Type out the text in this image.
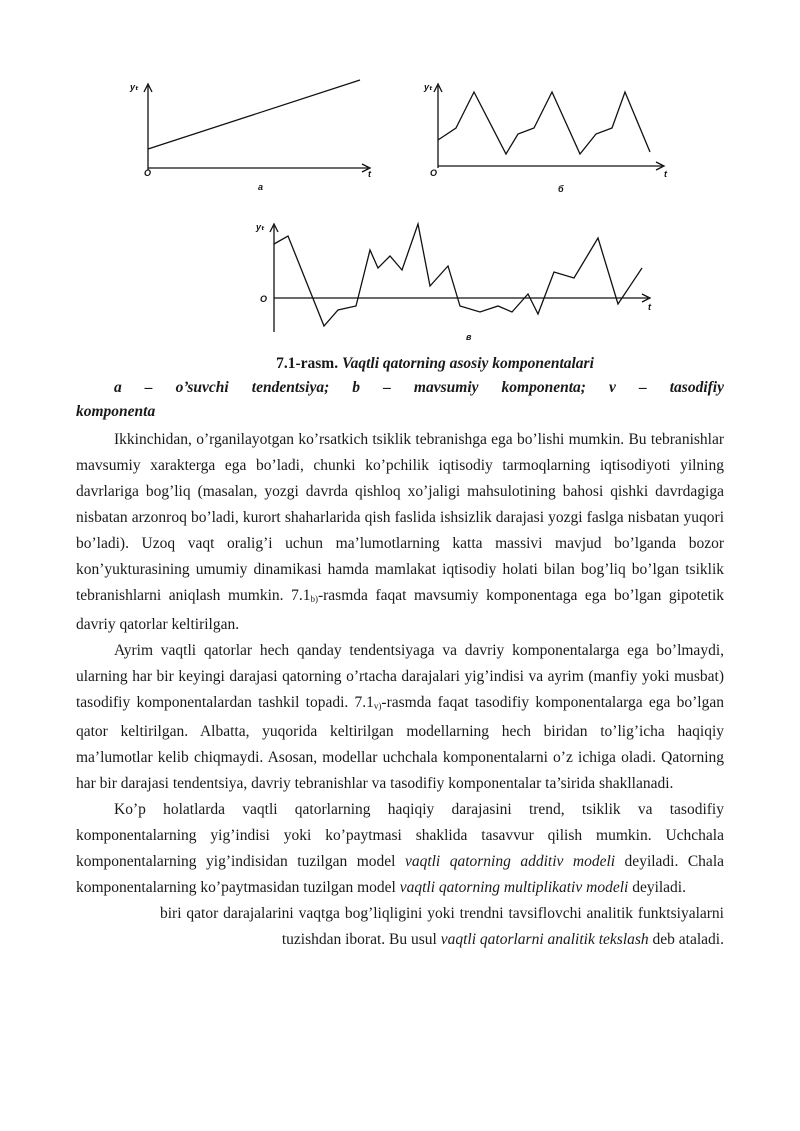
yₜ
O	t
a
yₜ
O	t
б
yₜ
O
t
в
7.1-rasm. Vaqtli qatorning asosiy komponentalari
a – o’suvchi tendentsiya; b – mavsumiy komponenta; v – tasodifiy
komponenta

Ikkinchidan, o’rganilayotgan ko’rsatkich tsiklik tebranishga ega bo’lishi mumkin. Bu tebranishlar mavsumiy xarakterga ega bo’ladi, chunki ko’pchilik iqtisodiy tarmoqlarning iqtisodiyoti yilning davrlariga bog’liq (masalan, yozgi davrda qishloq xo’jaligi mahsulotining bahosi qishki davrdagiga nisbatan arzonroq bo’ladi, kurort shaharlarida qish faslida ishsizlik darajasi yozgi faslga nisbatan yuqori bo’ladi). Uzoq vaqt oralig’i uchun ma’lumotlarning katta massivi mavjud bo’lganda bozor kon’yukturasining umumiy dinamikasi hamda mamlakat iqtisodiy holati bilan bog’liq bo’lgan tsiklik tebranishlarni aniqlash mumkin. $7.1_{b)}$-rasmda faqat mavsumiy komponentaga ega bo’lgan gipotetik davriy qatorlar keltirilgan.

Ayrim vaqtli qatorlar hech qanday tendentsiyaga va davriy komponentalarga ega bo’lmaydi, ularning har bir keyingi darajasi qatorning o’rtacha darajalari yig’indisi va ayrim (manfiy yoki musbat) tasodifiy komponentalardan tashkil topadi. $7.1_{v)}$-rasmda faqat tasodifiy komponentalarga ega bo’lgan qator keltirilgan. Albatta, yuqorida keltirilgan modellarning hech biridan to’lig’icha haqiqiy ma’lumotlar kelib chiqmaydi. Asosan, modellar uchchala komponentalarni o’z ichiga oladi. Qatorning har bir darajasi tendentsiya, davriy tebranishlar va tasodifiy komponentalar ta’sirida shakllanadi.

Ko’p holatlarda vaqtli qatorlarning haqiqiy darajasini trend, tsiklik va tasodifiy komponentalarning yig’indisi yoki ko’paytmasi shaklida tasavvur qilish mumkin. Uchchala komponentalarning yig’indisidan tuzilgan model vaqtli qatorning additiv modeli deyiladi. Chala komponentalarning ko’paytmasidan tuzilgan model vaqtli qatorning multiplikativ modeli deyiladi.

biri qator darajalarini vaqtga bog’liqligini yoki trendni tavsiflovchi analitik funktsiyalarni tuzishdan iborat. Bu usul vaqtli qatorlarni analitik tekslash deb ataladi.
